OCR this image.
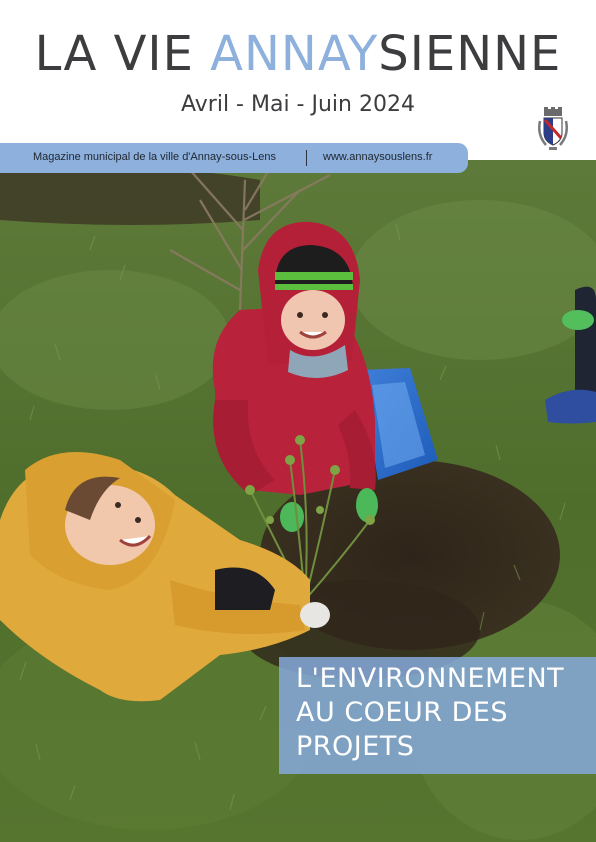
LA VIE ANNAYSIENNE
Avril - Mai - Juin 2024
Magazine municipal de la ville d'Annay-sous-Lens	www.annaysouslens.fr
L'ENVIRONNEMENT
AU COEUR DES
PROJETS
